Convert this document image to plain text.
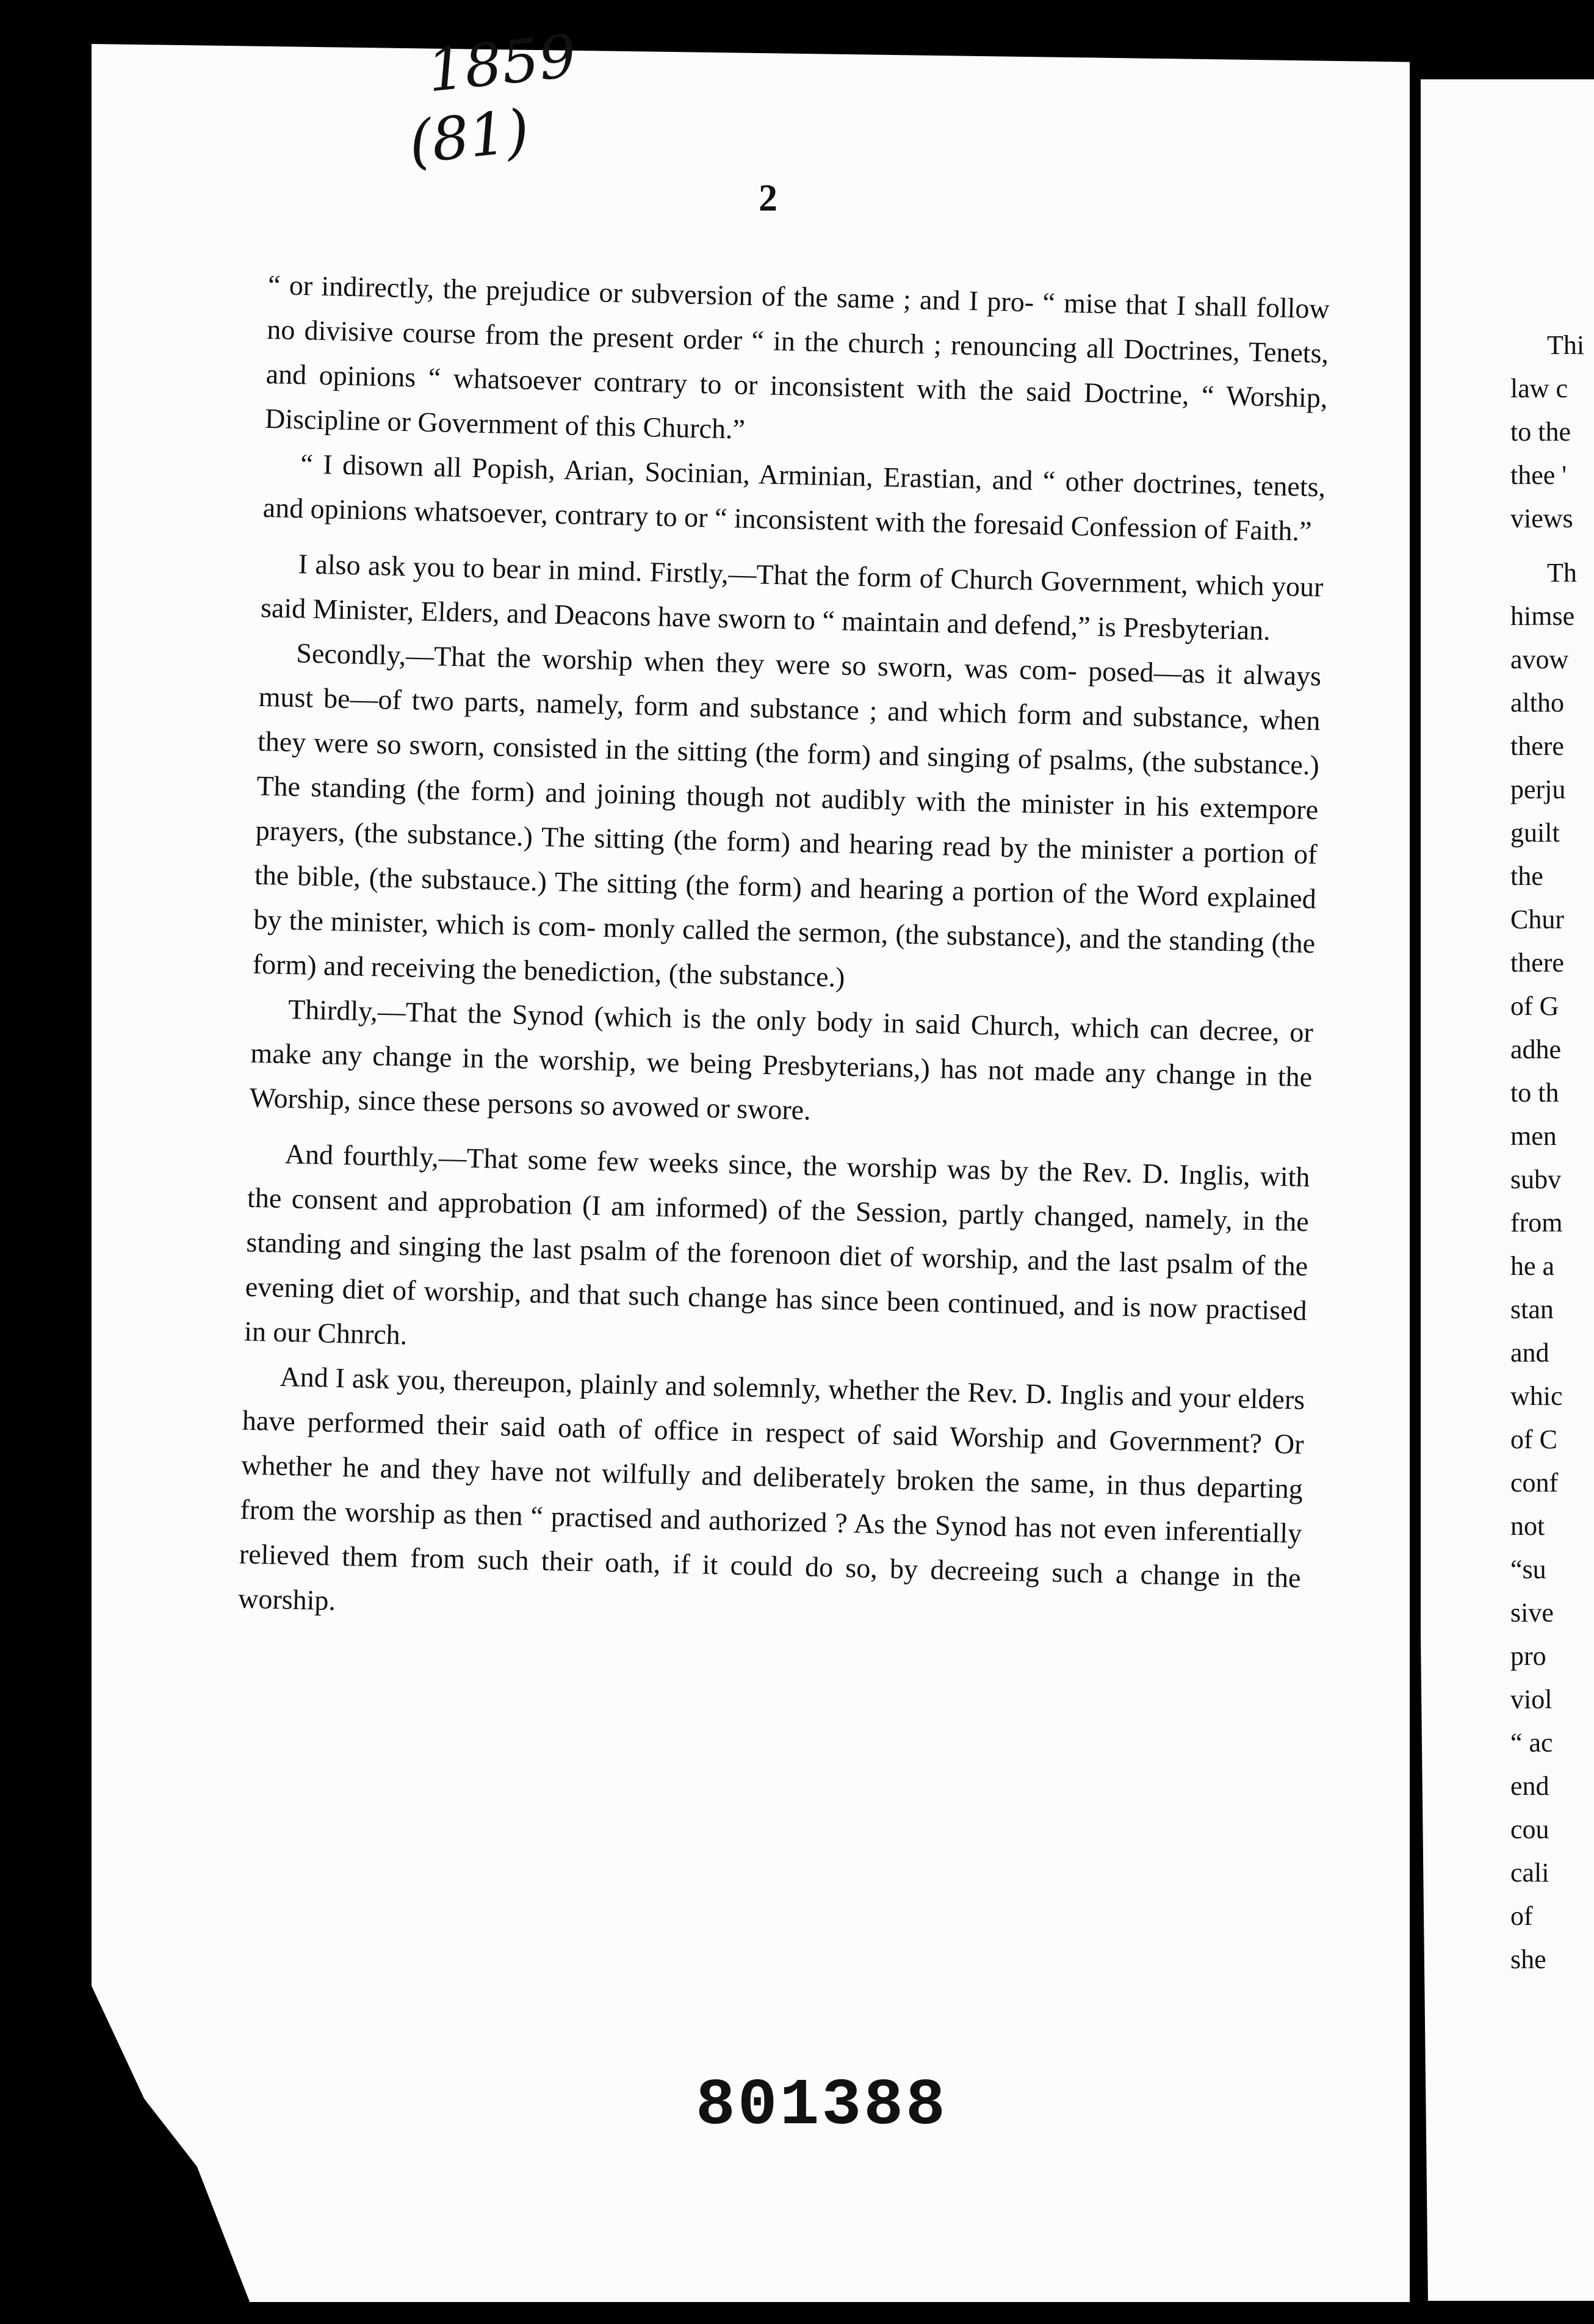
1859
(81)
2

“ or indirectly, the prejudice or subversion of the same ; and I pro- “ mise that I shall follow no divisive course from the present order “ in the church ; renouncing all Doctrines, Tenets, and opinions “ whatsoever contrary to or inconsistent with the said Doctrine, “ Worship, Discipline or Government of this Church.”

“ I disown all Popish, Arian, Socinian, Arminian, Erastian, and “ other doctrines, tenets, and opinions whatsoever, contrary to or “ inconsistent with the foresaid Confession of Faith.”

I also ask you to bear in mind. Firstly,—That the form of Church Government, which your said Minister, Elders, and Deacons have sworn to “ maintain and defend,” is Presbyterian.

Secondly,—That the worship when they were so sworn, was com- posed—as it always must be—of two parts, namely, form and substance ; and which form and substance, when they were so sworn, consisted in the sitting (the form) and singing of psalms, (the substance.) The standing (the form) and joining though not audibly with the minister in his extempore prayers, (the substance.) The sitting (the form) and hearing read by the minister a portion of the bible, (the substauce.) The sitting (the form) and hearing a portion of the Word explained by the minister, which is com- monly called the sermon, (the substance), and the standing (the form) and receiving the benediction, (the substance.)

Thirdly,—That the Synod (which is the only body in said Church, which can decree, or make any change in the worship, we being Presbyterians,) has not made any change in the Worship, since these persons so avowed or swore.

And fourthly,—That some few weeks since, the worship was by the Rev. D. Inglis, with the consent and approbation (I am informed) of the Session, partly changed, namely, in the standing and singing the last psalm of the forenoon diet of worship, and the last psalm of the evening diet of worship, and that such change has since been continued, and is now practised in our Chnrch.

And I ask you, thereupon, plainly and solemnly, whether the Rev. D. Inglis and your elders have performed their said oath of office in respect of said Worship and Government? Or whether he and they have not wilfully and deliberately broken the same, in thus departing from the worship as then “ practised and authorized ? As the Synod has not even inferentially relieved them from such their oath, if it could do so, by decreeing such a change in the worship.

801388
Thi
law c
to the
thee '
views
Th
himse
avow
altho
there
perju
guilt
the
Chur
there
of G
adhe
to th
men
subv
from
he a
stan
and
whic
of C
conf
not
“su
sive
pro
viol
“ ac
end
cou
cali
of
she
